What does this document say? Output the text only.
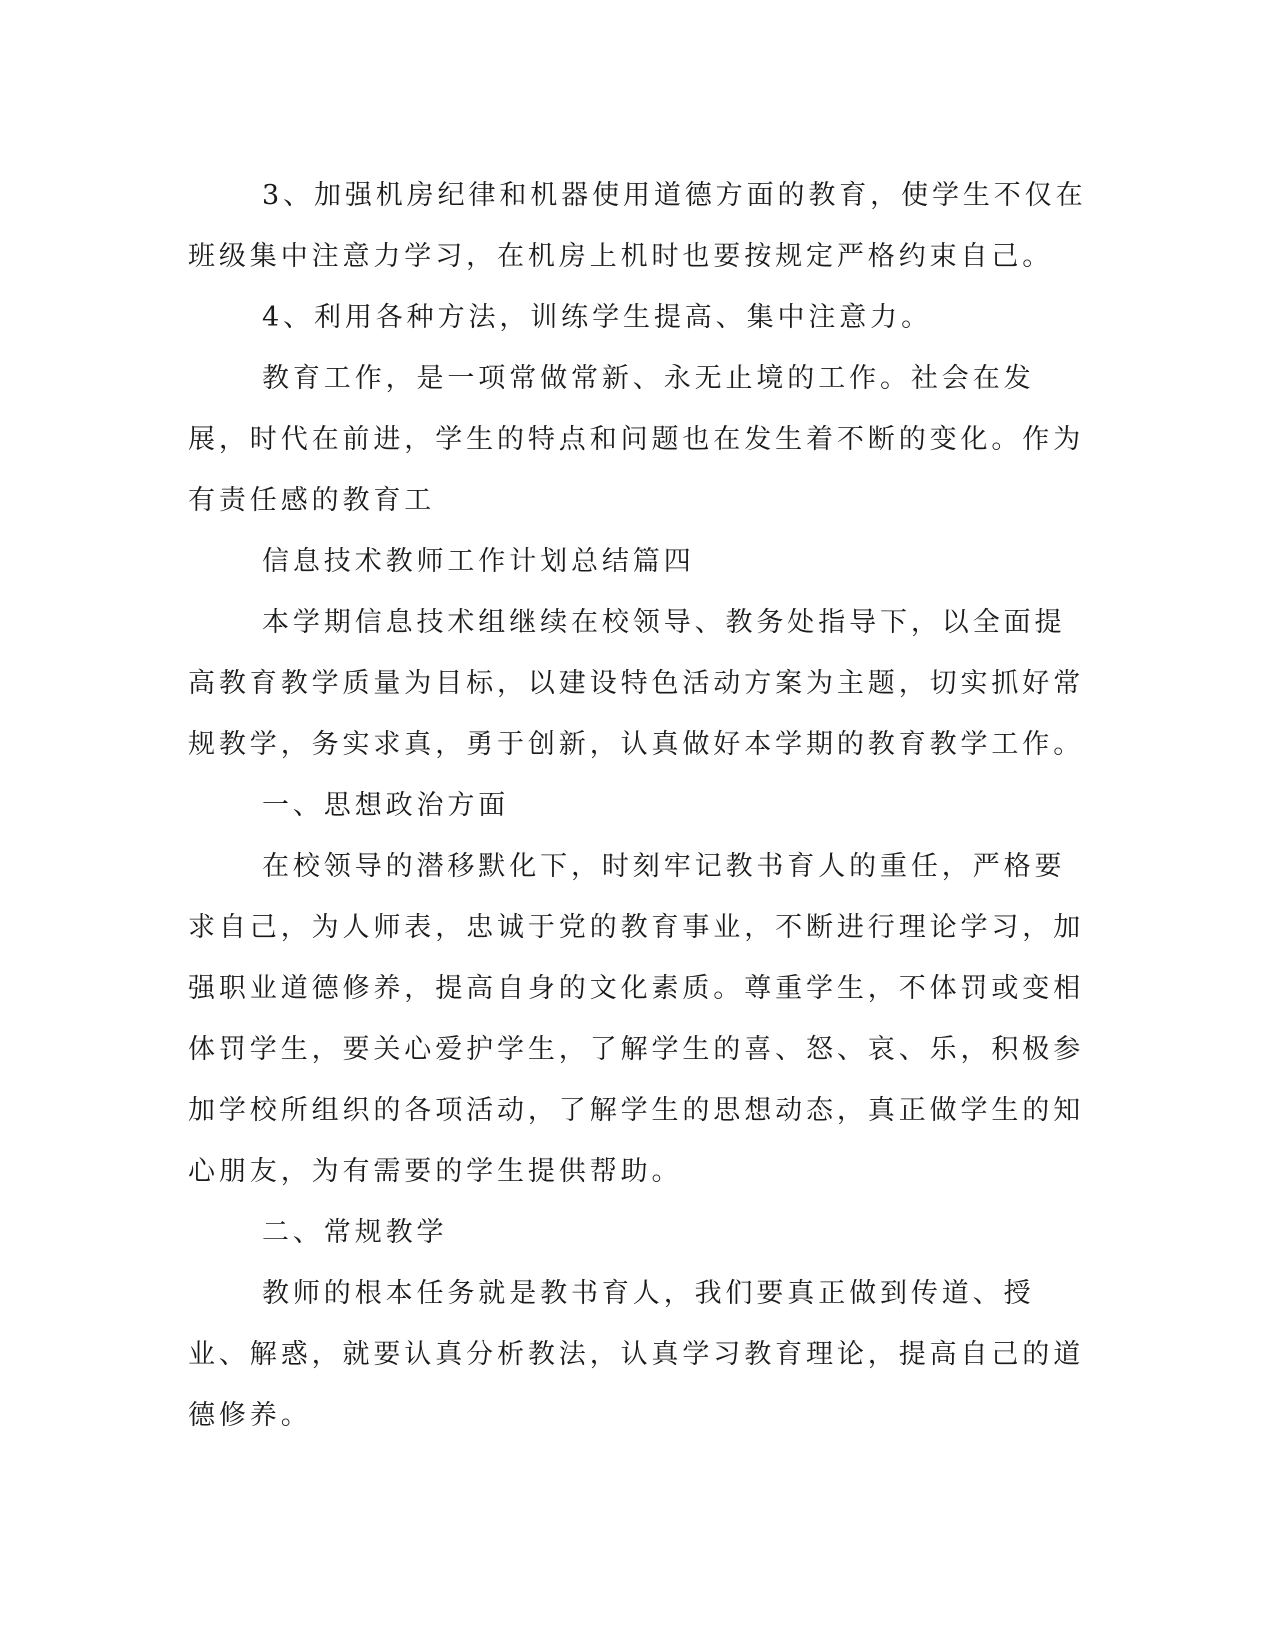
3、加强机房纪律和机器使用道德方面的教育，使学生不仅在班级集中注意力学习，在机房上机时也要按规定严格约束自己。

4、利用各种方法，训练学生提高、集中注意力。

教育工作，是一项常做常新、永无止境的工作。社会在发展，时代在前进，学生的特点和问题也在发生着不断的变化。作为有责任感的教育工

信息技术教师工作计划总结篇四

本学期信息技术组继续在校领导、教务处指导下，以全面提高教育教学质量为目标，以建设特色活动方案为主题，切实抓好常规教学，务实求真，勇于创新，认真做好本学期的教育教学工作。

一、思想政治方面

在校领导的潜移默化下，时刻牢记教书育人的重任，严格要求自己，为人师表，忠诚于党的教育事业，不断进行理论学习，加强职业道德修养，提高自身的文化素质。尊重学生，不体罚或变相体罚学生，要关心爱护学生，了解学生的喜、怒、哀、乐，积极参加学校所组织的各项活动，了解学生的思想动态，真正做学生的知心朋友，为有需要的学生提供帮助。

二、常规教学

教师的根本任务就是教书育人，我们要真正做到传道、授业、解惑，就要认真分析教法，认真学习教育理论，提高自己的道德修养。
